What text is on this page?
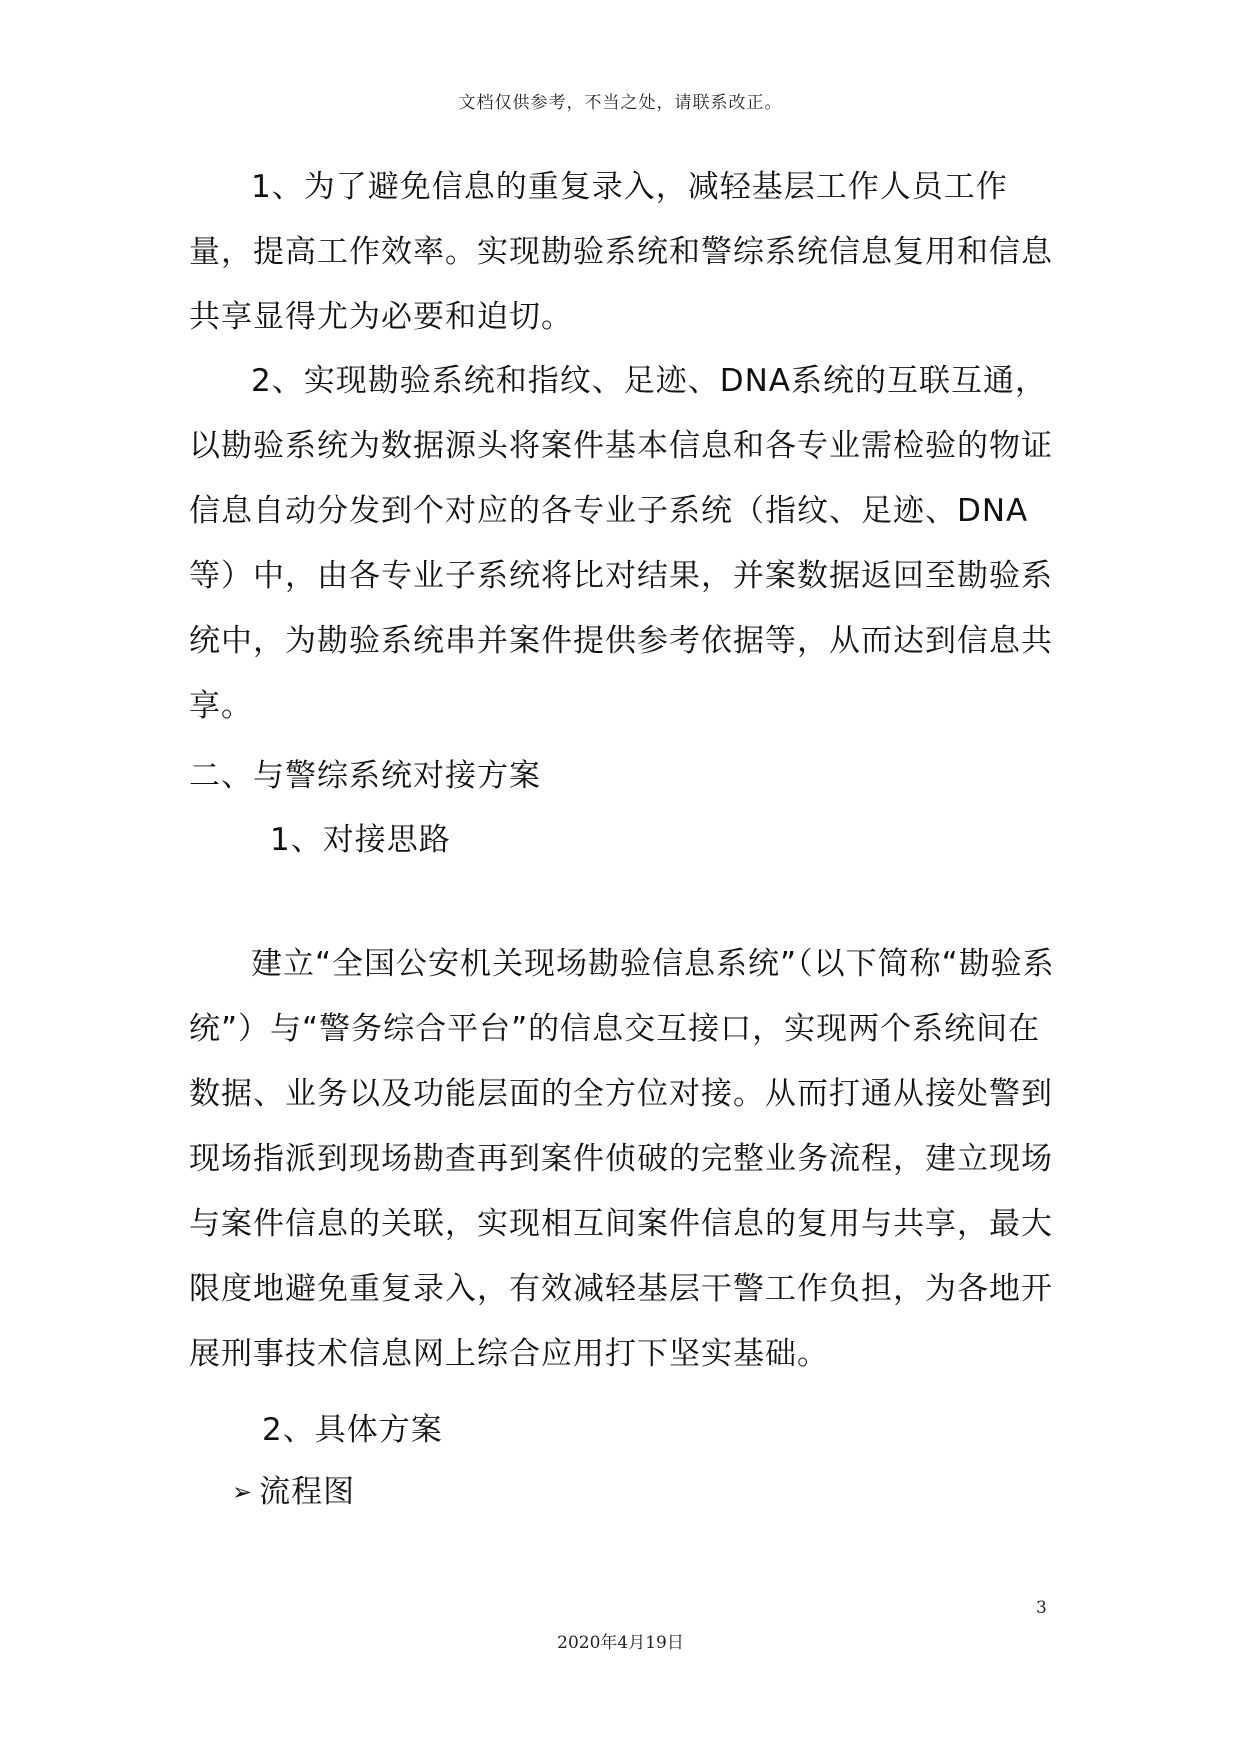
文档仅供参考，不当之处，请联系改正。

1、为了避免信息的重复录入，减轻基层工作人员工作量，提高工作效率。实现勘验系统和警综系统信息复用和信息共享显得尤为必要和迫切。

2、实现勘验系统和指纹、足迹、DNA系统的互联互通，以勘验系统为数据源头将案件基本信息和各专业需检验的物证信息自动分发到个对应的各专业子系统（指纹、足迹、DNA等）中，由各专业子系统将比对结果，并案数据返回至勘验系统中，为勘验系统串并案件提供参考依据等，从而达到信息共享。

二、与警综系统对接方案
1、对接思路

建立“全国公安机关现场勘验信息系统”（以下简称“勘验系统”）与“警务综合平台”的信息交互接口，实现两个系统间在数据、业务以及功能层面的全方位对接。从而打通从接处警到现场指派到现场勘查再到案件侦破的完整业务流程，建立现场与案件信息的关联，实现相互间案件信息的复用与共享，最大限度地避免重复录入，有效减轻基层干警工作负担，为各地开展刑事技术信息网上综合应用打下坚实基础。

2、具体方案
➢ 流程图
3
2020年4月19日
